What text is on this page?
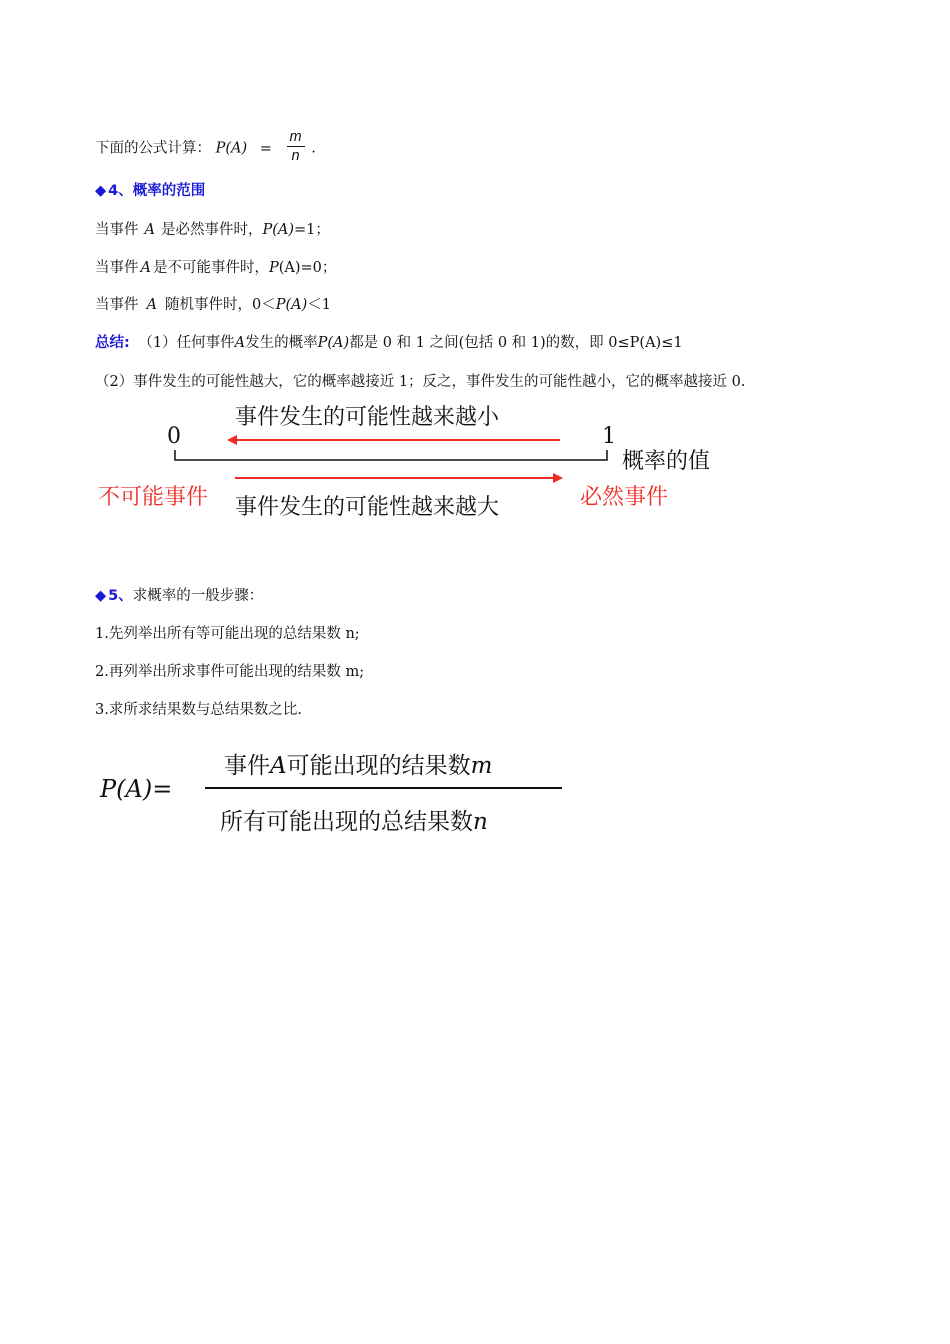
下面的公式计算： $P(A) = \frac{m}{n}$ .
◆ 4、概率的范围
当事件 A 是必然事件时，P(A)=1；
当事件 A 是不可能事件时，P(A)=0；
当事件 A 随机事件时，0＜P(A)＜1
总结: （1）任何事件A发生的概率P(A)都是 0 和 1 之间(包括 0 和 1)的数，即 0≤P(A)≤1
（2）事件发生的可能性越大，它的概率越接近 1；反之，事件发生的可能性越小，它的概率越接近 0.
事件发生的可能性越来越小
0	1
概率的值
不可能事件	必然事件
事件发生的可能性越来越大
◆ 5、求概率的一般步骤：
1.先列举出所有等可能出现的总结果数 n;
2.再列举出所求事件可能出现的结果数 m;
3.求所求结果数与总结果数之比.
P(A)=
事件A可能出现的结果数m
所有可能出现的总结果数n
